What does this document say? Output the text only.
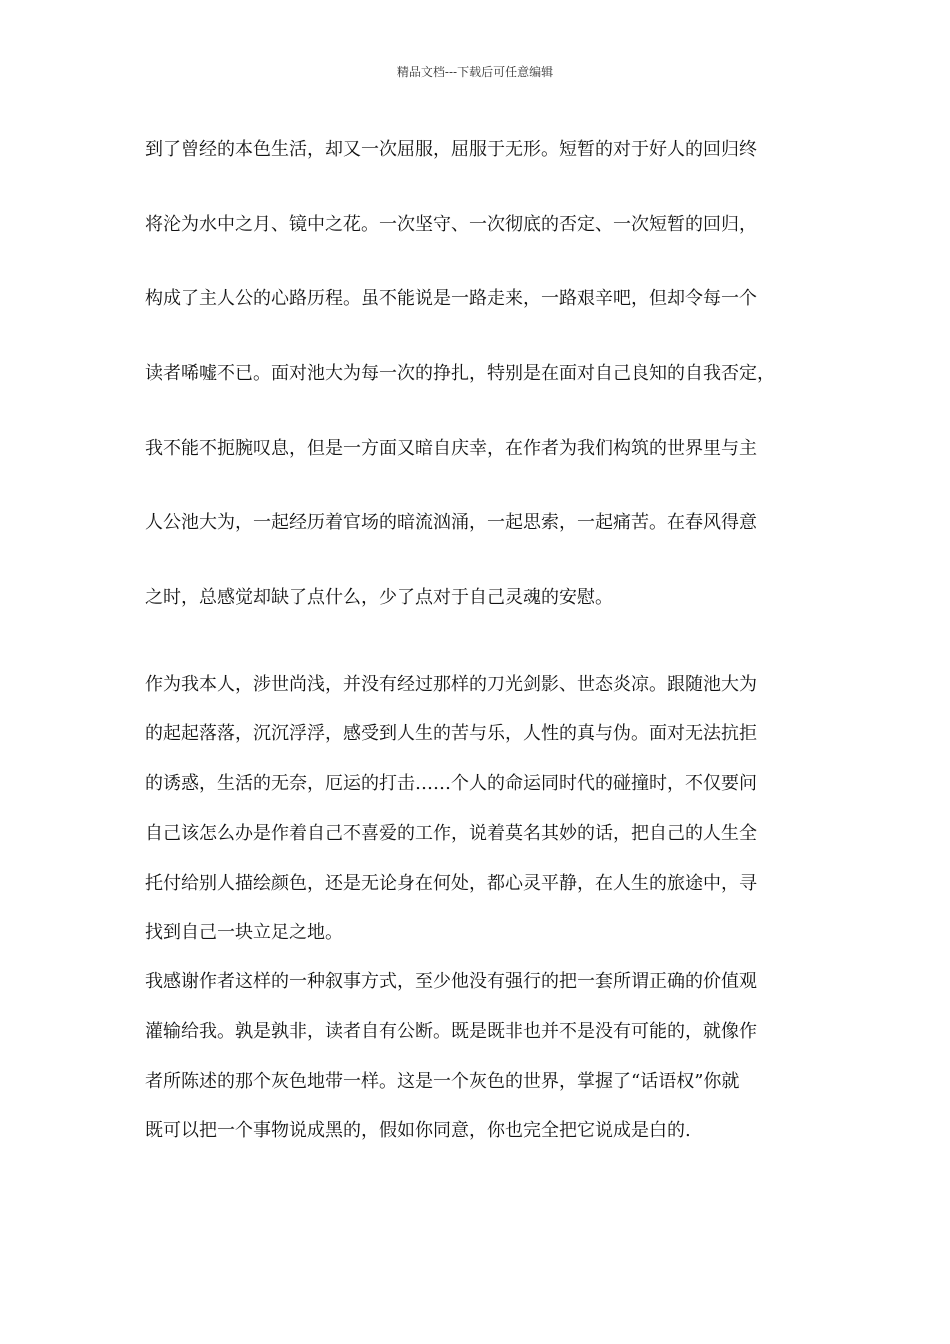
精品文档---下载后可任意编辑
到了曾经的本色生活，却又一次屈服，屈服于无形。短暂的对于好人的回归终
将沦为水中之月、镜中之花。一次坚守、一次彻底的否定、一次短暂的回归，
构成了主人公的心路历程。虽不能说是一路走来，一路艰辛吧，但却令每一个
读者唏嘘不已。面对池大为每一次的挣扎，特别是在面对自己良知的自我否定，
我不能不扼腕叹息，但是一方面又暗自庆幸，在作者为我们构筑的世界里与主
人公池大为，一起经历着官场的暗流汹涌，一起思索，一起痛苦。在春风得意
之时，总感觉却缺了点什么，少了点对于自己灵魂的安慰。
作为我本人，涉世尚浅，并没有经过那样的刀光剑影、世态炎凉。跟随池大为
的起起落落，沉沉浮浮，感受到人生的苦与乐，人性的真与伪。面对无法抗拒
的诱惑，生活的无奈，厄运的打击……个人的命运同时代的碰撞时，不仅要问
自己该怎么办是作着自己不喜爱的工作，说着莫名其妙的话，把自己的人生全
托付给别人描绘颜色，还是无论身在何处，都心灵平静，在人生的旅途中，寻
找到自己一块立足之地。
我感谢作者这样的一种叙事方式，至少他没有强行的把一套所谓正确的价值观
灌输给我。孰是孰非，读者自有公断。既是既非也并不是没有可能的，就像作
者所陈述的那个灰色地带一样。这是一个灰色的世界，掌握了“话语权”你就
既可以把一个事物说成黑的，假如你同意，你也完全把它说成是白的.
